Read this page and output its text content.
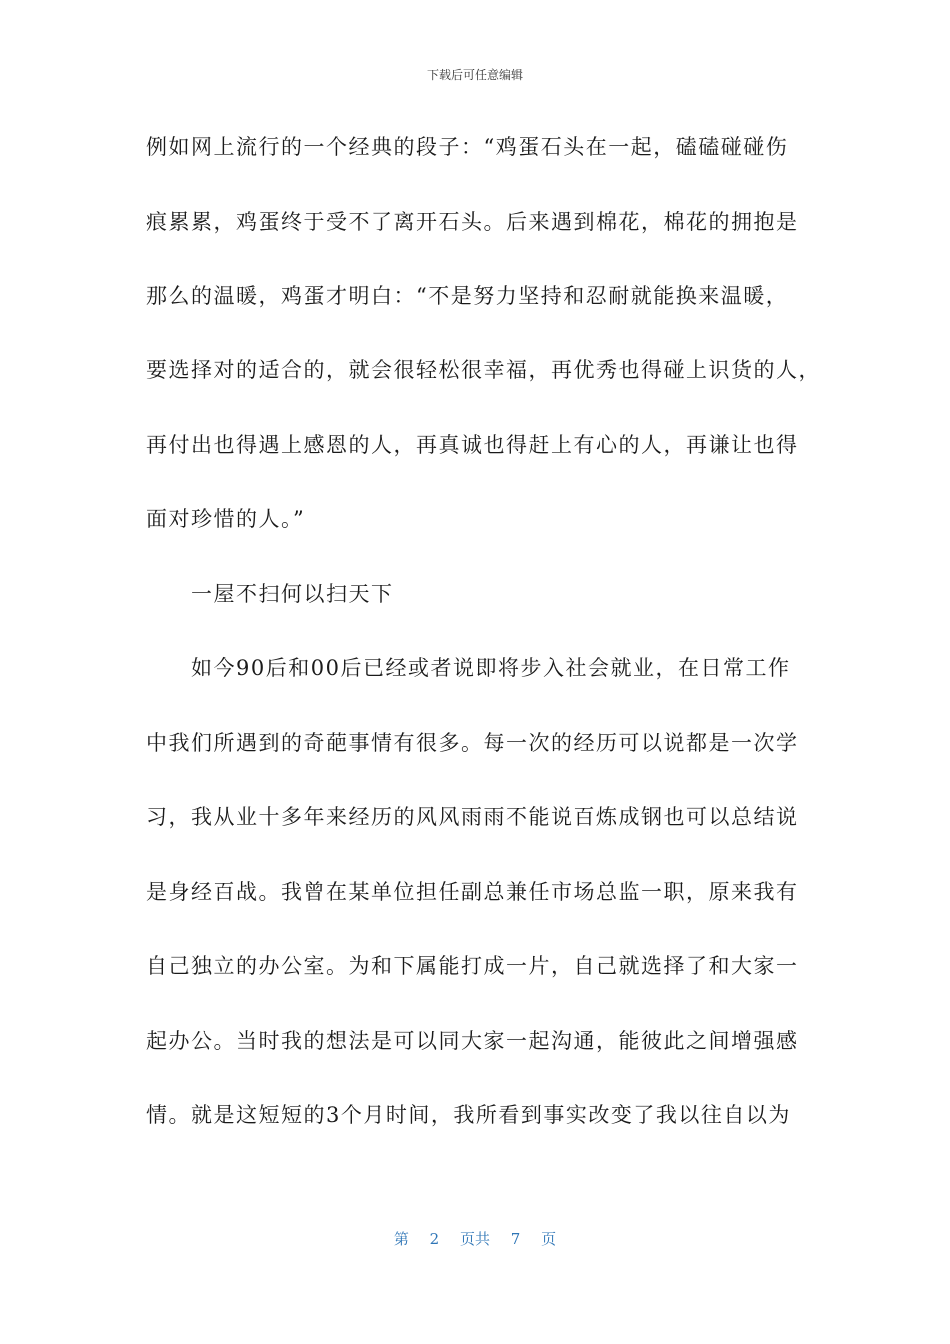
下载后可任意编辑
例如网上流行的一个经典的段子：“鸡蛋石头在一起，磕磕碰碰伤
痕累累，鸡蛋终于受不了离开石头。后来遇到棉花，棉花的拥抱是
那么的温暖，鸡蛋才明白：“不是努力坚持和忍耐就能换来温暖，
要选择对的适合的，就会很轻松很幸福，再优秀也得碰上识货的人，
再付出也得遇上感恩的人，再真诚也得赶上有心的人，再谦让也得
面对珍惜的人。”
　　一屋不扫何以扫天下
　　如今90后和00后已经或者说即将步入社会就业，在日常工作
中我们所遇到的奇葩事情有很多。每一次的经历可以说都是一次学
习，我从业十多年来经历的风风雨雨不能说百炼成钢也可以总结说
是身经百战。我曾在某单位担任副总兼任市场总监一职，原来我有
自己独立的办公室。为和下属能打成一片，自己就选择了和大家一
起办公。当时我的想法是可以同大家一起沟通，能彼此之间增强感
情。就是这短短的3个月时间，我所看到事实改变了我以往自以为
第 2 页共 7 页
